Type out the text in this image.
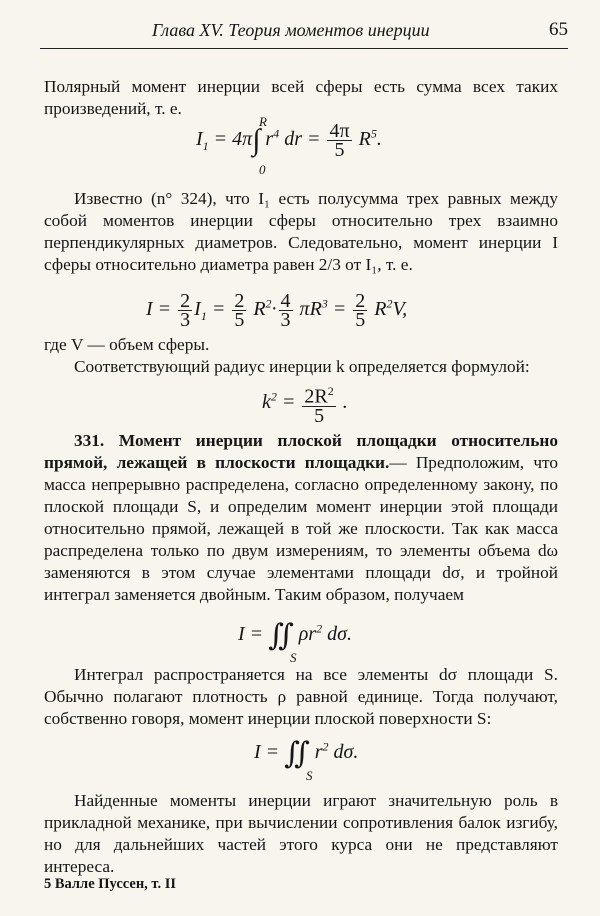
Глава XV. Теория моментов инерции	65

Полярный момент инерции всей сферы есть сумма всех таких произведений, т. е.

$I_1 = 4\pi\int$ $r^4$ dr = $\frac{4\pi}{5} R^5$.
R
0

Известно (n° 324), что I₁ есть полусумма трех равных между собой моментов инерции сферы относительно трех взаимно перпендикулярных диаметров. Следовательно, момент инерции I сферы относительно диаметра равен 2/3 от I₁, т. е.

$I = \frac{2}{3} I_1 = \frac{2}{5} R^2\cdot \frac{4}{3} \pi R^3 = \frac{2}{5} R^2V$,

где V — объем сферы.

Соответствующий радиус инерции k определяется формулой:

$k^2 = \frac{2R^2}{5}$ .

331. Момент инерции плоской площадки относительно прямой, лежащей в плоскости площадки.— Предположим, что масса непрерывно распределена, согласно определенному закону, по плоской площади S, и определим момент инерции этой площади относительно прямой, лежащей в той же плоскости. Так как масса распределена только по двум измерениям, то элементы объема dω заменяются в этом случае элементами площади dσ, и тройной интеграл заменяется двойным. Таким образом, получаем

I = ∬ $\rho r^2$ dσ.
S

Интеграл распространяется на все элементы dσ площади S. Обычно полагают плотность ρ равной единице. Тогда получают, собственно говоря, момент инерции плоской поверхности S:

I = ∬ $r^2$ dσ.
S

Найденные моменты инерции играют значительную роль в прикладной механике, при вычислении сопротивления балок изгибу, но для дальнейших частей этого курса они не представляют интереса.

5 Валле Пуссен, т. II
